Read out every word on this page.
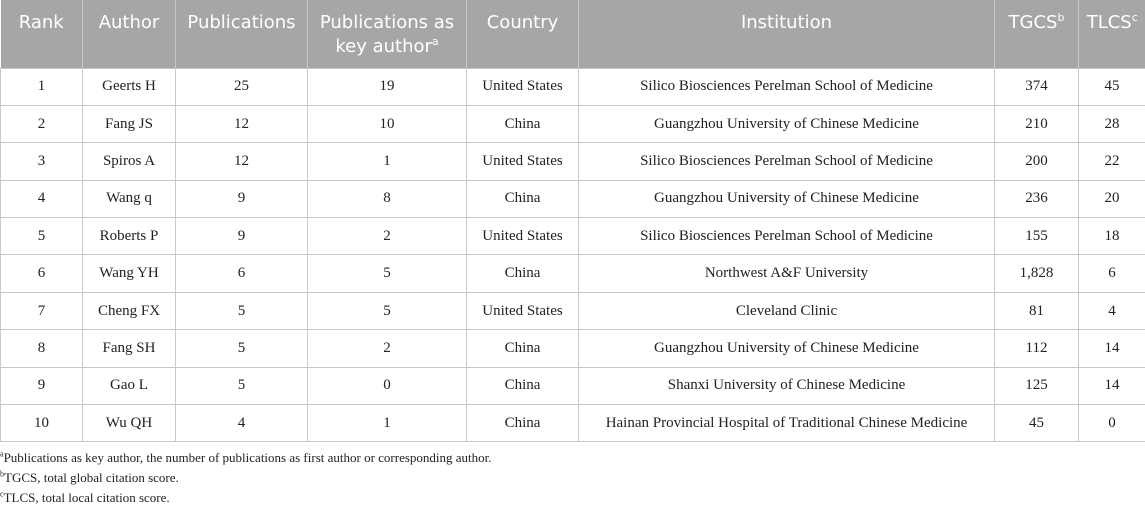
Rank	Author	Publications	Publications as key author$^a$	Country	Institution	TGCS$^b$	TLCS$^c$

1	Geerts H	25	19	United States	Silico Biosciences Perelman School of Medicine	374	45
2	Fang JS	12	10	China	Guangzhou University of Chinese Medicine	210	28
3	Spiros A	12	1	United States	Silico Biosciences Perelman School of Medicine	200	22
4	Wang q	9	8	China	Guangzhou University of Chinese Medicine	236	20
5	Roberts P	9	2	United States	Silico Biosciences Perelman School of Medicine	155	18
6	Wang YH	6	5	China	Northwest A&F University	1,828	6
7	Cheng FX	5	5	United States	Cleveland Clinic	81	4
8	Fang SH	5	2	China	Guangzhou University of Chinese Medicine	112	14
9	Gao L	5	0	China	Shanxi University of Chinese Medicine	125	14
10	Wu QH	4	1	China	Hainan Provincial Hospital of Traditional Chinese Medicine	45	0
$^a$Publications as key author, the number of publications as first author or corresponding author.
$^b$TGCS, total global citation score.
$^c$TLCS, total local citation score.
